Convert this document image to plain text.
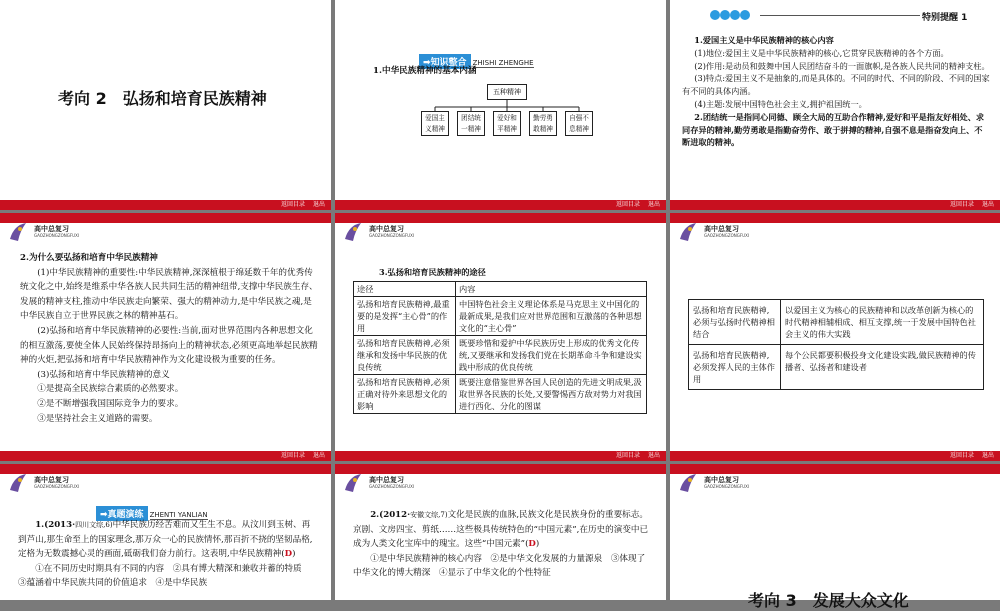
考向 2　弘扬和培育民族精神
返回目录 退出
➡知识整合 ZHISHI ZHENGHE
1.中华民族精神的基本内涵
五种精神
爱国主义精神
团结统一精神
爱好和平精神
勤劳勇敢精神
自强不息精神
返回目录 退出
特别提醒 1
1.爱国主义是中华民族精神的核心内容
(1)地位:爱国主义是中华民族精神的核心,它贯穿民族精神的各个方面。
(2)作用:是动员和鼓舞中国人民团结奋斗的一面旗帜,是各族人民共同的精神支柱。
(3)特点:爱国主义不是抽象的,而是具体的。不同的时代、不同的阶段、不同的国家有不同的具体内涵。
(4)主题:发展中国特色社会主义,拥护祖国统一。
2.团结统一是指同心同德、顾全大局的互助合作精神,爱好和平是指友好相处、求同存异的精神,勤劳勇敢是指勤奋劳作、敢于拼搏的精神,自强不息是指奋发向上、不断进取的精神。
返回目录 退出
高中总复习
GAOZHONGZONGFUXI
2.为什么要弘扬和培育中华民族精神
(1)中华民族精神的重要性:中华民族精神,深深植根于绵延数千年的优秀传统文化之中,始终是维系中华各族人民共同生活的精神纽带,支撑中华民族生存、发展的精神支柱,推动中华民族走向繁荣、强大的精神动力,是中华民族之魂,是中华民族自立于世界民族之林的精神基石。
(2)弘扬和培育中华民族精神的必要性:当前,面对世界范围内各种思想文化的相互激荡,要使全体人民始终保持昂扬向上的精神状态,必须更高地举起民族精神的火炬,把弘扬和培育中华民族精神作为文化建设极为重要的任务。
(3)弘扬和培育中华民族精神的意义
①是提高全民族综合素质的必然要求。
②是不断增强我国国际竞争力的要求。
③是坚持社会主义道路的需要。
返回目录 退出
高中总复习
GAOZHONGZONGFUXI
3.弘扬和培育民族精神的途径
途径	内容
弘扬和培育民族精神,最重要的是发挥“主心骨”的作用	中国特色社会主义理论体系是马克思主义中国化的最新成果,是我们应对世界范围和互激荡的各种思想文化的“主心骨”
弘扬和培育民族精神,必须继承和发扬中华民族的优良传统	既要珍惜和爱护中华民族历史上形成的优秀文化传统,又要继承和发扬我们党在长期革命斗争和建设实践中形成的优良传统
弘扬和培育民族精神,必须正确对待外来思想文化的影响	既要注意借鉴世界各国人民创造的先进文明成果,汲取世界各民族的长处,又要警惕西方敌对势力对我国进行西化、分化的图谋
返回目录 退出
高中总复习
GAOZHONGZONGFUXI
弘扬和培育民族精神,必须与弘扬时代精神相结合	以爱国主义为核心的民族精神和以改革创新为核心的时代精神相辅相成、相互支撑,统一于发展中国特色社会主义的伟大实践
弘扬和培育民族精神,必须发挥人民的主体作用	每个公民都要积极投身文化建设实践,做民族精神的传播者、弘扬者和建设者
返回目录 退出
高中总复习
GAOZHONGZONGFUXI
➡真题演练 ZHENTI YANLIAN
1.(2013·四川文综,6)中华民族历经苦难而又生生不息。从汶川到玉树、再到芦山,那生命至上的国家理念,那万众一心的民族情怀,那百折不挠的坚韧品格,定格为无数震撼心灵的画面,砥砺我们奋力前行。这表明,中华民族精神(D)
①在不同历史时期具有不同的内容　②具有博大精深和兼收并蓄的特质　③蕴涵着中华民族共同的价值追求　④是中华民族
高中总复习
GAOZHONGZONGFUXI
2.(2012·安徽文综,7)文化是民族的血脉,民族文化是民族身份的重要标志。京剧、文房四宝、剪纸……这些极具传统特色的“中国元素”,在历史的演变中已成为人类文化宝库中的瑰宝。这些“中国元素”(D)
①是中华民族精神的核心内容　②是中华文化发展的力量源泉　③体现了中华文化的博大精深　④显示了中华文化的个性特征
高中总复习
GAOZHONGZONGFUXI
考向 3　发展大众文化
